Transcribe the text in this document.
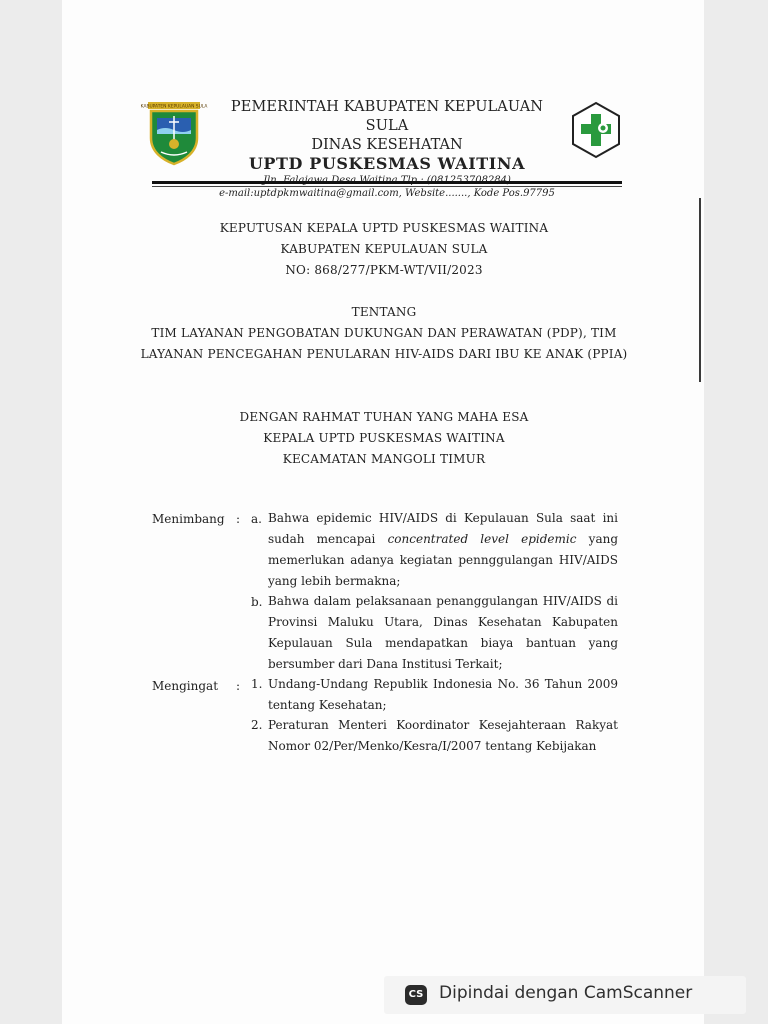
KABUPATEN KEPULAUAN SULA	PEMERINTAH KABUPATEN KEPULAUAN SULA
DINAS KESEHATAN
UPTD PUSKESMAS WAITINA
e-mail:uptdpkmwaitina@gmail.com, Website......., Kode Pos.97795
KEPUTUSAN KEPALA UPTD PUSKESMAS WAITINA
KABUPATEN KEPULAUAN SULA
NO: 868/277/PKM-WT/VII/2023
TENTANG
TIM LAYANAN PENGOBATAN DUKUNGAN DAN PERAWATAN (PDP), TIM
LAYANAN PENCEGAHAN PENULARAN HIV-AIDS DARI IBU KE ANAK (PPIA)
DENGAN RAHMAT TUHAN YANG MAHA ESA
KEPALA UPTD PUSKESMAS WAITINA
KECAMATAN MANGOLI TIMUR
Menimbang : a. Bahwa epidemic HIV/AIDS di Kepulauan Sula saat ini sudah mencapai concentrated level epidemic yang memerlukan adanya kegiatan pennggulangan HIV/AIDS yang lebih bermakna;

b. Bahwa dalam pelaksanaan penanggulangan HIV/AIDS di Provinsi Maluku Utara, Dinas Kesehatan Kabupaten Kepulauan Sula mendapatkan biaya bantuan yang bersumber dari Dana Institusi Terkait;

Mengingat : 1. Undang-Undang Republik Indonesia No. 36 Tahun 2009 tentang Kesehatan;

2. Peraturan Menteri Koordinator Kesejahteraan Rakyat Nomor 02/Per/Menko/Kesra/I/2007 tentang Kebijakan

CS Dipindai dengan CamScanner
